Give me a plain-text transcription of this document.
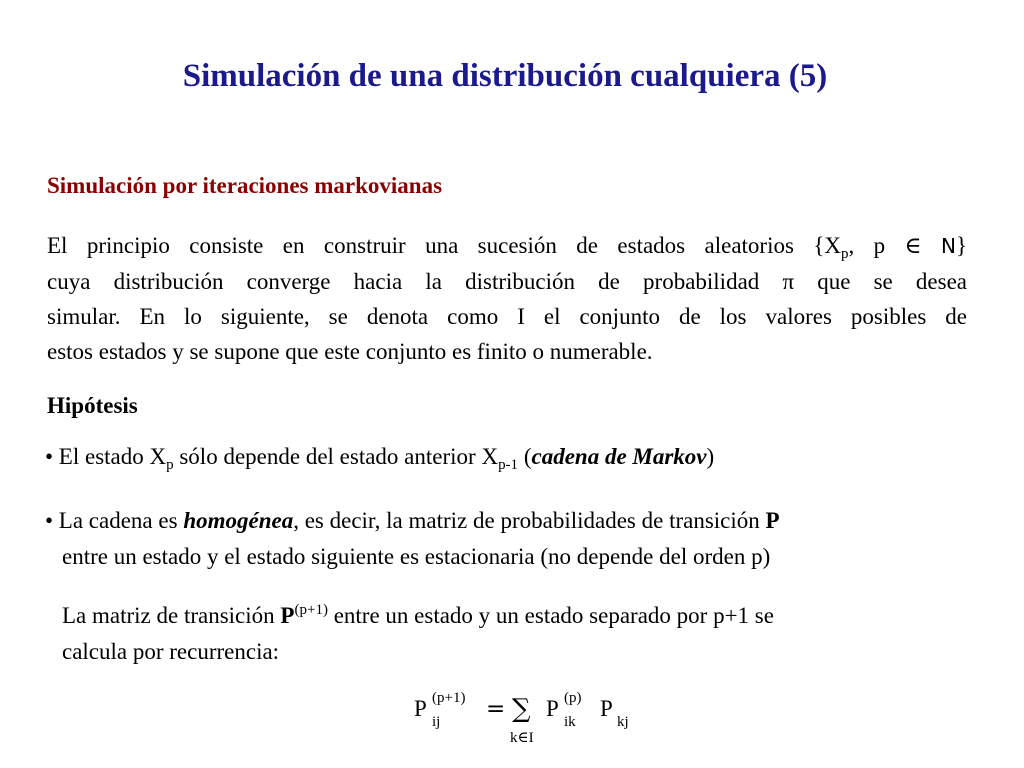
Simulación de una distribución cualquiera (5)
Simulación por iteraciones markovianas
El principio consiste en construir una sucesión de estados aleatorios {$X_p$, p ∈ N}
cuya distribución converge hacia la distribución de probabilidad π que se desea
simular. En lo siguiente, se denota como I el conjunto de los valores posibles de
estos estados y se supone que este conjunto es finito o numerable.
Hipótesis
• El estado $X_p$ sólo depende del estado anterior $X_{p-1}$ (cadena de Markov)
• La cadena es homogénea, es decir, la matriz de probabilidades de transición P
entre un estado y el estado siguiente es estacionaria (no depende del orden p)
La matriz de transición $P^{(p+1)}$ entre un estado y un estado separado por p+1 se
calcula por recurrencia:
P (p+1)
ij = ∑
k∈I
P (p)
ik
P
kj
